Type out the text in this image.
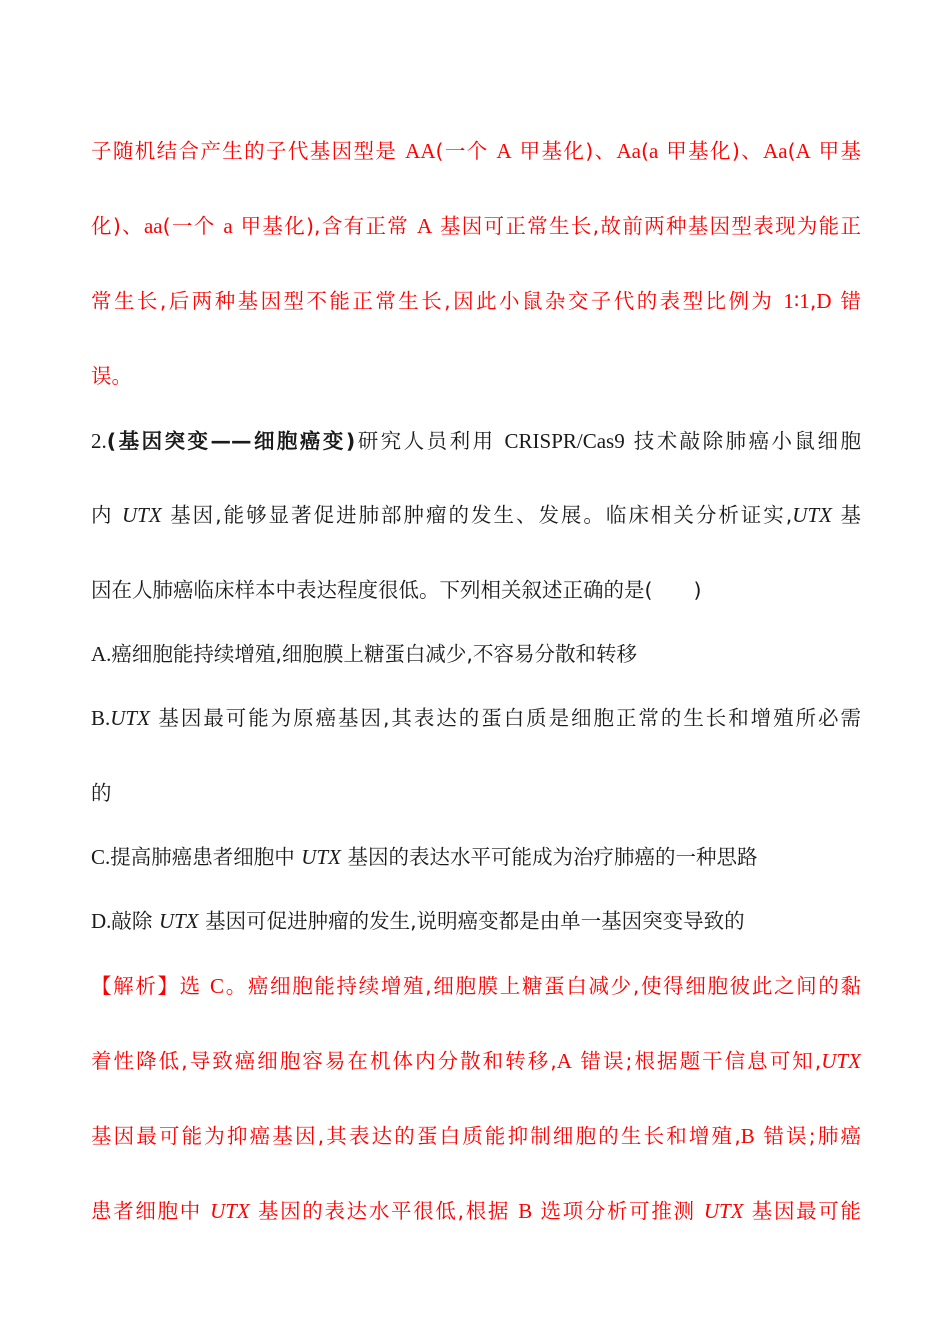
子随机结合产生的子代基因型是 AA(一个 A 甲基化)、Aa(a 甲基化)、Aa(A 甲基
化)、aa(一个 a 甲基化),含有正常 A 基因可正常生长,故前两种基因型表现为能正
常生长,后两种基因型不能正常生长,因此小鼠杂交子代的表型比例为 1∶1,D 错
误。
2.(基因突变——细胞癌变)研究人员利用 CRISPR/Cas9 技术敲除肺癌小鼠细胞
内 UTX 基因,能够显著促进肺部肿瘤的发生、发展。临床相关分析证实,UTX 基
因在人肺癌临床样本中表达程度很低。下列相关叙述正确的是(　　)
A.癌细胞能持续增殖,细胞膜上糖蛋白减少,不容易分散和转移
B.UTX 基因最可能为原癌基因,其表达的蛋白质是细胞正常的生长和增殖所必需
的
C.提高肺癌患者细胞中 UTX 基因的表达水平可能成为治疗肺癌的一种思路
D.敲除 UTX 基因可促进肿瘤的发生,说明癌变都是由单一基因突变导致的
【解析】选 C。癌细胞能持续增殖,细胞膜上糖蛋白减少,使得细胞彼此之间的黏
着性降低,导致癌细胞容易在机体内分散和转移,A 错误;根据题干信息可知,UTX
基因最可能为抑癌基因,其表达的蛋白质能抑制细胞的生长和增殖,B 错误;肺癌
患者细胞中 UTX 基因的表达水平很低,根据 B 选项分析可推测 UTX 基因最可能
